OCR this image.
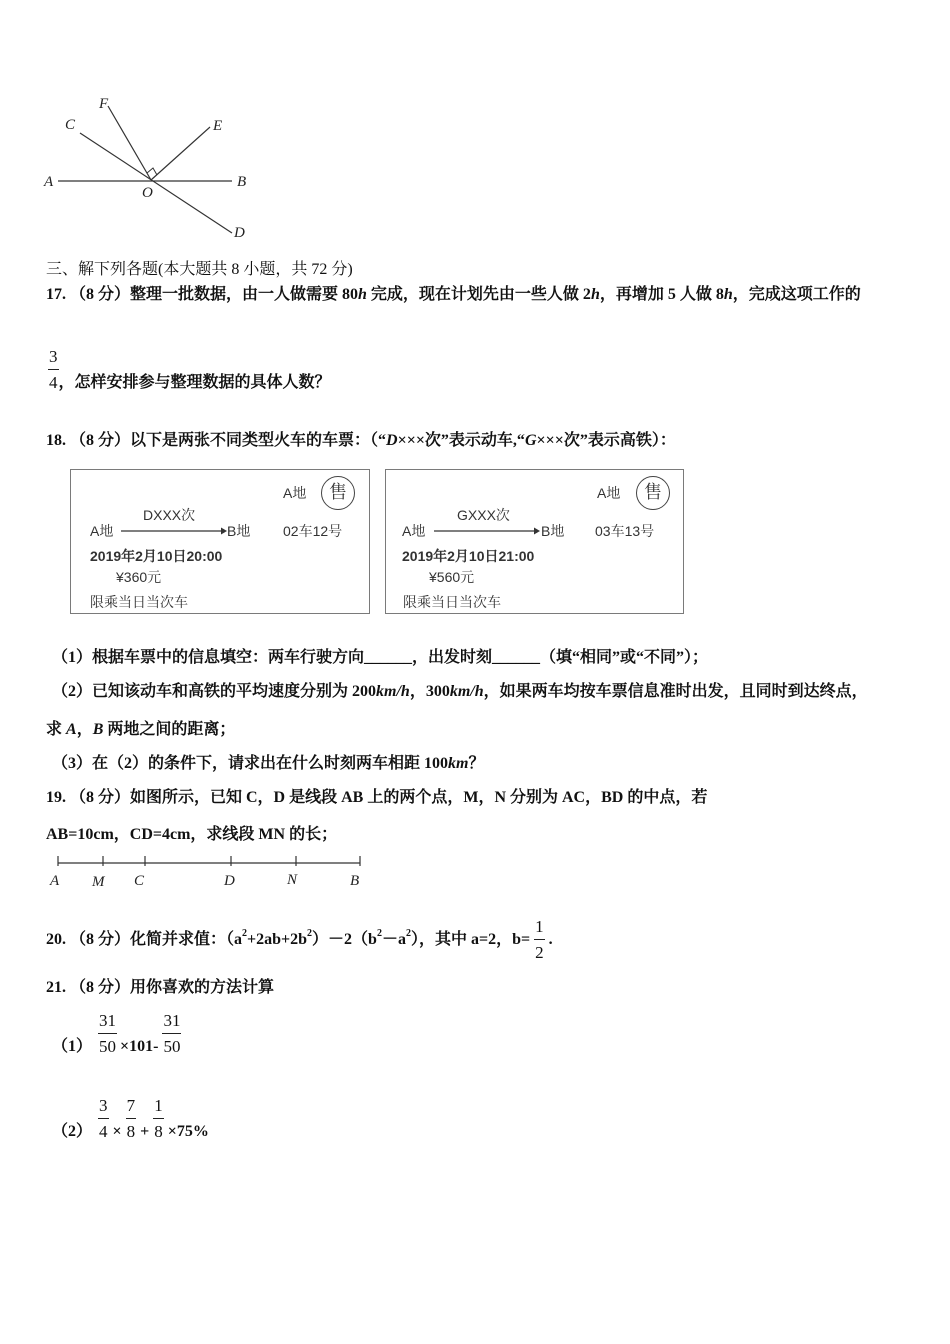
A	B
C
D
E
F
O
三、解下列各题(本大题共 8 小题，共 72 分)
17. （8 分）整理一批数据，由一人做需要 80 h 完成，现在计划先由一些人做 2 h ，再增加 5 人做 8 h ，完成这项工作的
$\frac{3}{4}$ ，怎样安排参与整理数据的具体人数？
18. （8 分）以下是两张不同类型火车的车票：（“ D ×××次”表示动车,“ G ×××次”表示高铁）：
A地	售
DXXX次
A地	B地 02车12号
2019年2月10日20:00
¥360元
限乘当日当次车
A地	售
GXXX次
A地	B地 03车13号
2019年2月10日21:00
¥560元
限乘当日当次车
（1）根据车票中的信息填空：两车行驶方向______，出发时刻______（填“相同”或“不同”）；
（2）已知该动车和高铁的平均速度分别为 200 km/h ，300 km/h ，如果两车均按车票信息准时出发，且同时到达终点，
求 A ， B 两地之间的距离；
（3）在（2）的条件下，请求出在什么时刻两车相距 100 km ？
19. （8 分）如图所示，已知 C，D 是线段 AB 上的两个点，M，N 分别为 AC，BD 的中点，若
AB=10cm，CD=4cm，求线段 MN 的长；
A M C	D	N	B
20. （8 分）化简并求值：（a 2 +2ab+2b 2 ）－2（b 2 －a 2 ），其中 a=2，$b= \frac{1}{2}$ .
21. （8 分）用你喜欢的方法计算
$(1) \frac{31}{50} \times 101- \frac{31}{50}$
$(2) \frac{3}{4} \times \frac{7}{8} + \frac{1}{8} \times 75\%$
